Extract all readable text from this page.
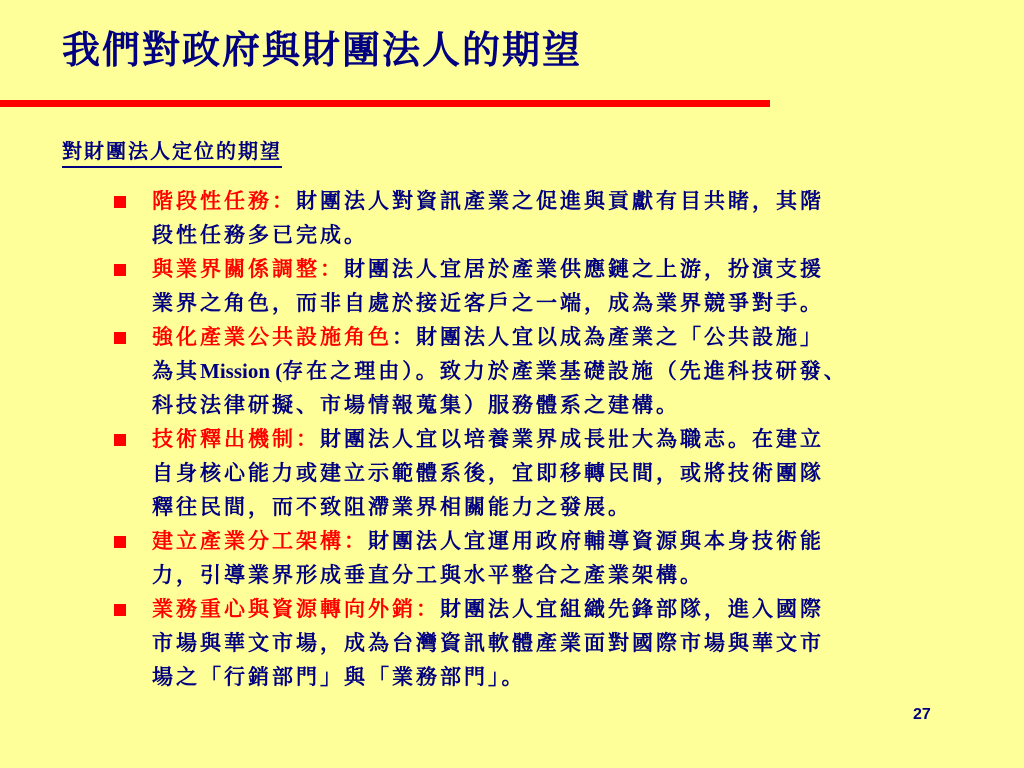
我們對政府與財團法人的期望
對財團法人定位的期望
階段性任務：財團法人對資訊產業之促進與貢獻有目共睹，其階
段性任務多已完成。
與業界關係調整：財團法人宜居於產業供應鏈之上游，扮演支援
業界之角色，而非自處於接近客戶之一端，成為業界競爭對手。
強化產業公共設施角色：財團法人宜以成為產業之「公共設施」
為其Mission (存在之理由）。致力於產業基礎設施（先進科技研發、
科技法律研擬、市場情報蒐集）服務體系之建構。
技術釋出機制：財團法人宜以培養業界成長壯大為職志。在建立
自身核心能力或建立示範體系後，宜即移轉民間，或將技術團隊
釋往民間，而不致阻滯業界相關能力之發展。
建立產業分工架構：財團法人宜運用政府輔導資源與本身技術能
力，引導業界形成垂直分工與水平整合之產業架構。
業務重心與資源轉向外銷：財團法人宜組織先鋒部隊，進入國際
市場與華文市場，成為台灣資訊軟體產業面對國際市場與華文市
場之「行銷部門」與「業務部門」。
27
